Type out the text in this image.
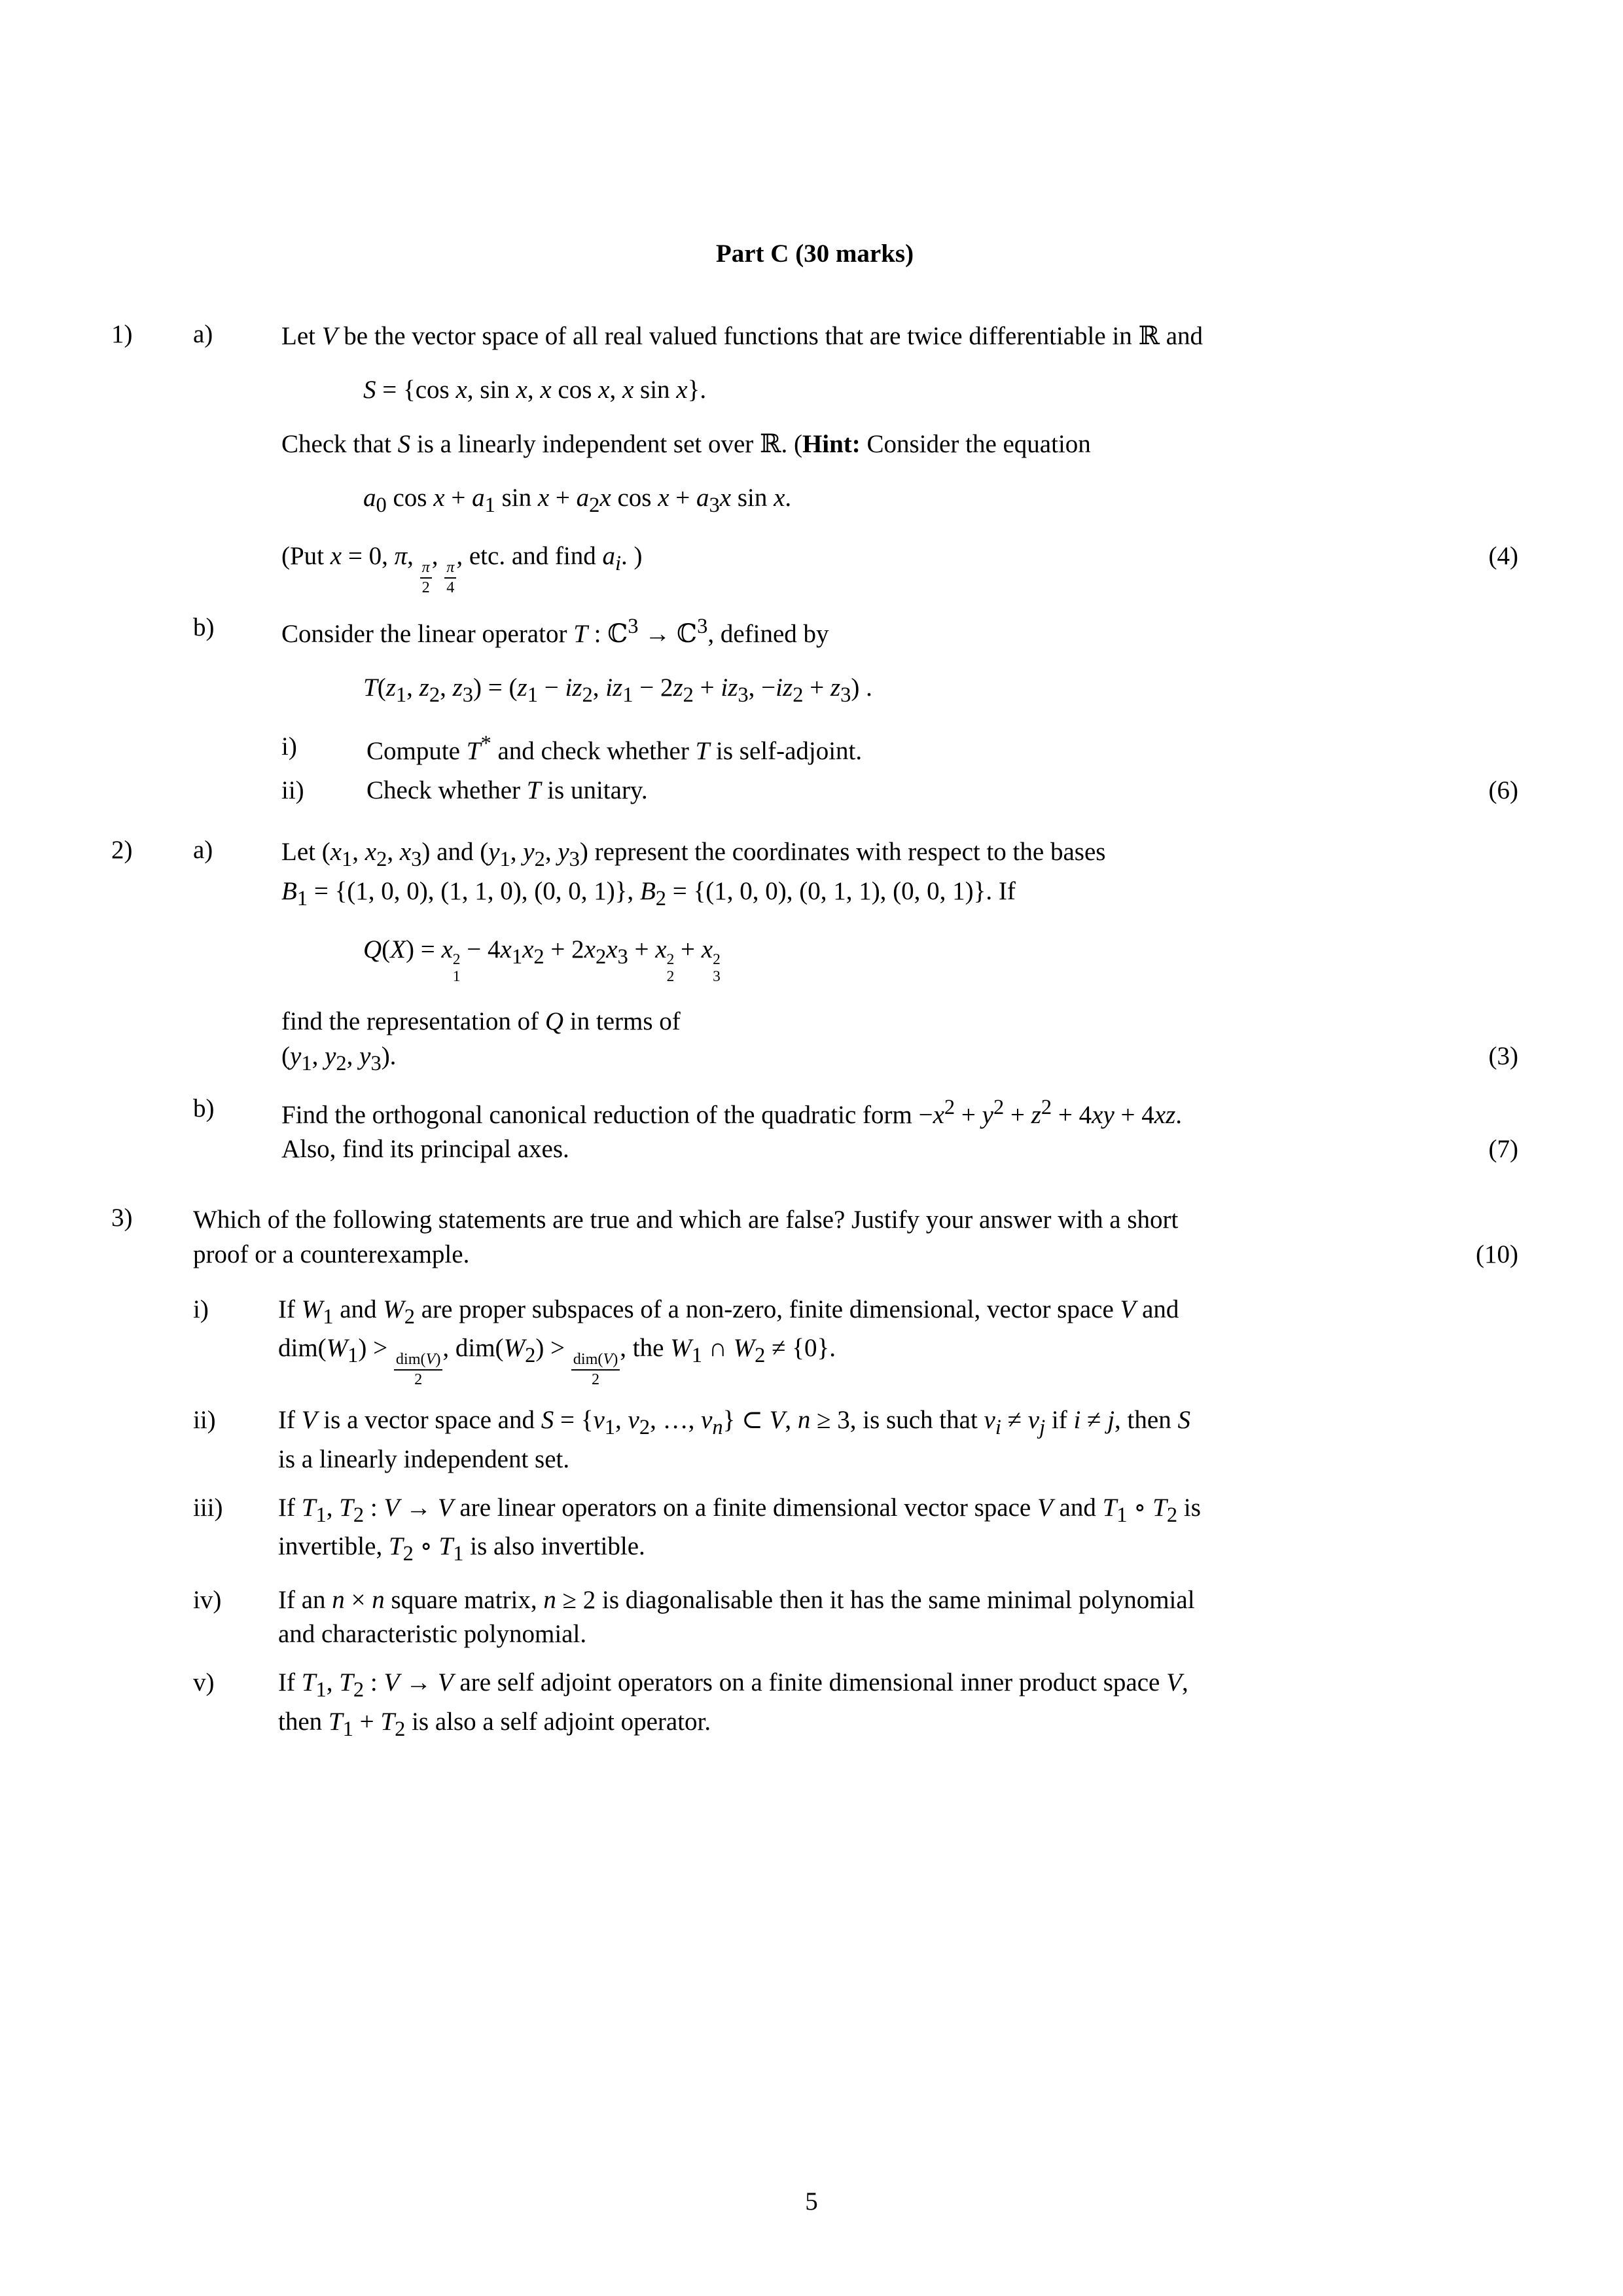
Part C (30 marks)
1)	a)	Let V be the vector space of all real valued functions that are twice differentiable in ℝ and

S = {cos x, sin x, x cos x, x sin x}.

Check that S is a linearly independent set over ℝ. (Hint: Consider the equation

$a_0$ $\cos x + a_1$ $\sin x + a_2x$ $\cos x + a_3x$ sin x.

(Put x = 0, π,
$\frac{\pi}{2}$
,
$\frac{\pi}{4}$
, etc. and find $a_i$. )	(4)

b)	Consider the linear operator T : ℂ$^3$ → ℂ$^3$, defined by

$T(z_1$, $z_2$, $z_3) = (z_1 - iz_2$, $iz_1 - 2z_2 + iz_3$, $-iz_2 + z_3$) .

i)	Compute T* and check whether T is self-adjoint.
ii)	Check whether T is unitary.	(6)
2)	a)	Let ($x_1$, $x_2$, $x_3$) and ($y_1$, $y_2$, $y_3$) represent the coordinates with respect to the bases

$B_1 = \{(1$, 0, 0), (1, 1, 0), (0, 0, 1)}, $B_2 = \{(1$, 0, 0), (0, 1, 1), (0, 0, 1)}. If

Q(X) = x 2
1
− $4x_1x_2 + 2x_2x_3 + x$ 2
2
+ x 2
3

find the representation of Q in terms of

($y_1$, $y_2$, $y_3$).	(3)

b)	Find the orthogonal canonical reduction of the quadratic form $-x^2 + y^2 + z^2 + 4xy + 4xz$.

Also, find its principal axes.	(7)

3)	Which of the following statements are true and which are false? Justify your answer with a short

proof or a counterexample.	(10)

i)	If $W_1$ and $W_2$ are proper subspaces of a non-zero, finite dimensional, vector space V and
$dim(W_1)$ >
$\frac{\text{dim(V)}}{2}$
, $dim(W_2)$ >
$\frac{\text{dim(V)}}{2}$
, the $W_1$ ∩ $W_2 \ne \{0\}$.
ii)	If V is a vector space and $S = \{v_1$, $v_2$, …, $v_n$} ⊂ V, n ≥ 3, is such that $v_i \ne v_j$ if i ≠ j, then S
is a linearly independent set.
iii)	If $T_1$, $T_2$ : V → V are linear operators on a finite dimensional vector space V and $T_1$ ∘ $T_2$ is
invertible, $T_2$ ∘ $T_1$ is also invertible.
iv)	If an n × n square matrix, n ≥ 2 is diagonalisable then it has the same minimal polynomial
and characteristic polynomial.
v)	If $T_1$, $T_2$ : V → V are self adjoint operators on a finite dimensional inner product space V,
then $T_1 + T_2$ is also a self adjoint operator.
5
